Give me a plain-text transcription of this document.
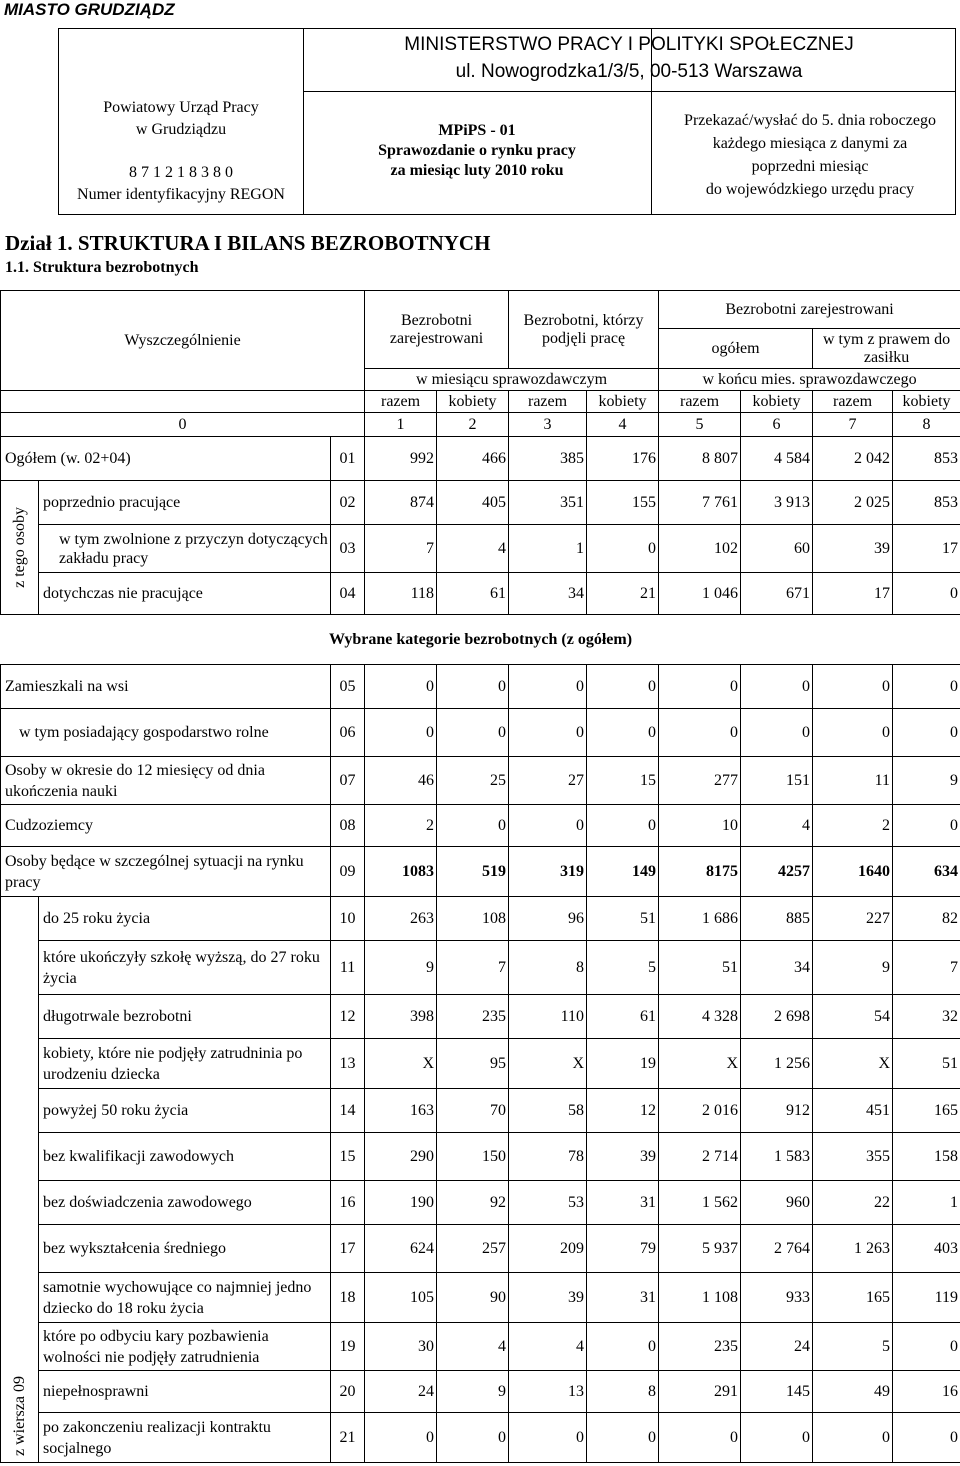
MIASTO GRUDZIĄDZ
Powiatowy Urząd Pracy
w Grudziądzu
8 7 1 2 1 8 3 8 0
Numer identyfikacyjny REGON
MINISTERSTWO PRACY I POLITYKI SPOŁECZNEJ
ul. Nowogrodzka1/3/5, 00-513 Warszawa
MPiPS - 01
Sprawozdanie o rynku pracy
za miesiąc luty 2010 roku
Przekazać/wysłać do 5. dnia roboczego
każdego miesiąca z danymi za
poprzedni miesiąc
do wojewódzkiego urzędu pracy
Dział 1. STRUKTURA I BILANS BEZROBOTNYCH
1.1. Struktura bezrobotnych
Wyszczególnienie			Bezrobotni zarejestrowani		Bezrobotni, którzy podjęli pracę		Bezrobotni zarejestrowani			
							ogółem		w tym z prawem do zasiłku	
			w miesiącu sprawozdawczym				w końcu mies. sprawozdawczego			
			razem	kobiety	razem	kobiety	razem	kobiety	razem	kobiety
0			1	2	3	4	5	6	7	8
Ogółem (w. 02+04)		01	992	466	385	176	8 807	4 584	2 042	853

z tego osoby	poprzednio pracujące	02	874	405	351	155	7 761	3 913	2 025	853
	w tym zwolnione z przyczyn dotyczących zakładu pracy	03	7	4	1	0	102	60	39	17
	dotychczas nie pracujące	04	118	61	34	21	1 046	671	17	0
Wybrane kategorie bezrobotnych (z ogółem)										
Zamieszkali na wsi		05	0	0	0	0	0	0	0	0
w tym posiadający gospodarstwo rolne		06	0	0	0	0	0	0	0	0
Osoby w okresie do 12 miesięcy od dnia ukończenia nauki		07	46	25	27	15	277	151	11	9
Cudzoziemcy		08	2	0	0	0	10	4	2	0
Osoby będące w szczególnej sytuacji na rynku pracy		09	1083	519	319	149	8175	4257	1640	634

z wiersza 09	do 25 roku życia	10	263	108	96	51	1 686	885	227	82
	które ukończyły szkołę wyższą, do 27 roku życia	11	9	7	8	5	51	34	9	7
	długotrwale bezrobotni	12	398	235	110	61	4 328	2 698	54	32
	kobiety, które nie podjęły zatrudninia po urodzeniu dziecka	13	X	95	X	19	X	1 256	X	51
	powyżej 50 roku życia	14	163	70	58	12	2 016	912	451	165
	bez kwalifikacji zawodowych	15	290	150	78	39	2 714	1 583	355	158
	bez doświadczenia zawodowego	16	190	92	53	31	1 562	960	22	1
	bez wykształcenia średniego	17	624	257	209	79	5 937	2 764	1 263	403
	samotnie wychowujące co najmniej jedno dziecko do 18 roku życia	18	105	90	39	31	1 108	933	165	119
	które po odbyciu kary pozbawienia wolności nie podjęły zatrudnienia	19	30	4	4	0	235	24	5	0
	niepełnosprawni	20	24	9	13	8	291	145	49	16
	po zakonczeniu realizacji kontraktu socjalnego	21	0	0	0	0	0	0	0	0
